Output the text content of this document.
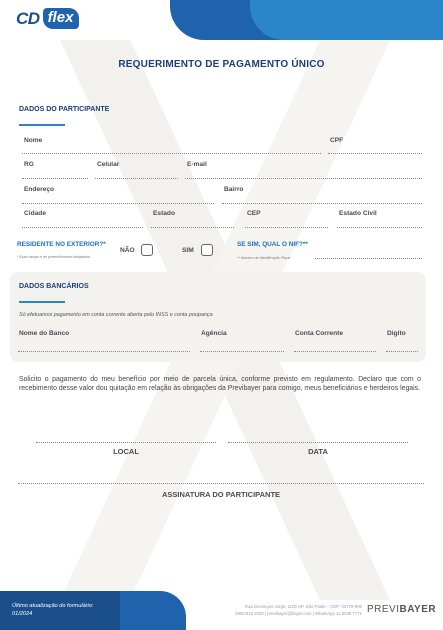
CD flex
REQUERIMENTO DE PAGAMENTO ÚNICO
DADOS DO PARTICIPANTE
Nome	CPF
RG	Celular	E-mail
Endereço	Bairro
Cidade	Estado	CEP	Estado Civil
RESIDENTE NO EXTERIOR?*
* Esse campo é de preenchimento obrigatório.
NÃO	SIM
SE SIM, QUAL O NIF?**
** Número de Identificação Fiscal
DADOS BANCÁRIOS
Só efetuamos pagamento em conta corrente aberta pelo INSS e conta poupança
Nome do Banco	Agência	Conta Corrente	Digito
Solicito o pagamento do meu benefício por meio de parcela única, conforme previsto em regulamento. Declaro que com o recebimento desse valor dou quitação em relação às obrigações da Previbayer para comigo, meus beneficiários e herdeiros legais.
LOCAL	DATA
ASSINATURA DO PARTICIPANTE
Último atualização do formulário:
01/2024
Rua Domingos Jorge, 1100 SP, São Paulo – CEP: 04779-900
0800 818 2020 | previbayer@bayer.com | WhatsApp 11 5039 7771 PREVIBAYER
